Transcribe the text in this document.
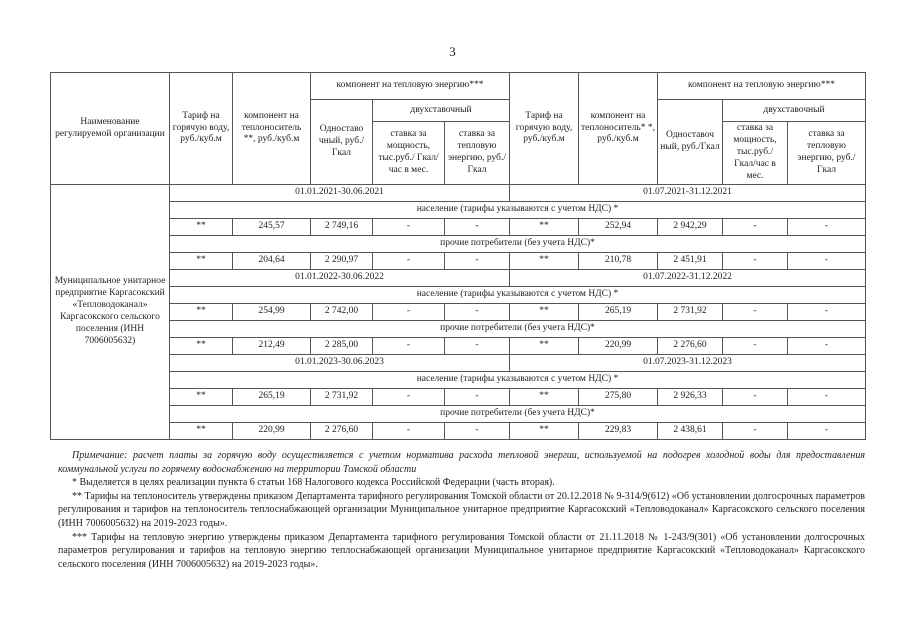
3
Наименование регулируемой организации	Тариф на горячую воду, руб./куб.м	компонент на теплоноситель **, руб./куб.м	компонент на тепловую энергию***			Тариф на горячую воду, руб./куб.м	компонент на теплоноситель* *, руб./куб.м	компонент на тепловую энергию***		
			Одноставо чный, руб./Гкал	двухставочный				Одноставоч ный, руб./Гкал	двухставочный	
				ставка за мощность, тыс.руб./ Гкал/час в мес.	ставка за тепловую энергию, руб./Гкал				ставка за мощность, тыс.руб./ Гкал/час в мес.	ставка за тепловую энергию, руб./Гкал
Муниципальное унитарное предприятие Каргасокский «Тепловодоканал» Каргасокского сельского поселения (ИНН 7006005632)	01.01.2021-30.06.2021					01.07.2021-31.12.2021				
	население (тарифы указываются с учетом НДС) *									
	**	245,57	2 749,16	-	-	**	252,94	2 942,29	-	-
	прочие потребители (без учета НДС)*									
	**	204,64	2 290,97	-	-	**	210,78	2 451,91	-	-
	01.01.2022-30.06.2022					01.07.2022-31.12.2022				
	население (тарифы указываются с учетом НДС) *									
	**	254,99	2 742,00	-	-	**	265,19	2 731,92	-	-
	прочие потребители (без учета НДС)*									
	**	212,49	2 285,00	-	-	**	220,99	2 276,60	-	-
	01.01.2023-30.06.2023					01.07.2023-31.12.2023				
	население (тарифы указываются с учетом НДС) *									
	**	265,19	2 731,92	-	-	**	275,80	2 926,33	-	-
	прочие потребители (без учета НДС)*									
	**	220,99	2 276,60	-	-	**	229,83	2 438,61	-	-

Примечание: расчет платы за горячую воду осуществляется с учетом норматива расхода тепловой энергии, используемой на подогрев холодной воды для предоставления коммунальной услуги по горячему водоснабжению на территории Томской области

* Выделяется в целях реализации пункта 6 статьи 168 Налогового кодекса Российской Федерации (часть вторая).

** Тарифы на теплоноситель утверждены приказом Департамента тарифного регулирования Томской области от 20.12.2018 № 9-314/9(612) «Об установлении долгосрочных параметров регулирования и тарифов на теплоноситель теплоснабжающей организации Муниципальное унитарное предприятие Каргасокский «Тепловодоканал» Каргасокского сельского поселения (ИНН 7006005632) на 2019-2023 годы».

*** Тарифы на тепловую энергию утверждены приказом Департамента тарифного регулирования Томской области от 21.11.2018 № 1-243/9(301) «Об установлении долгосрочных параметров регулирования и тарифов на тепловую энергию теплоснабжающей организации Муниципальное унитарное предприятие Каргасокский «Тепловодоканал» Каргасокского сельского поселения (ИНН 7006005632) на 2019-2023 годы».
